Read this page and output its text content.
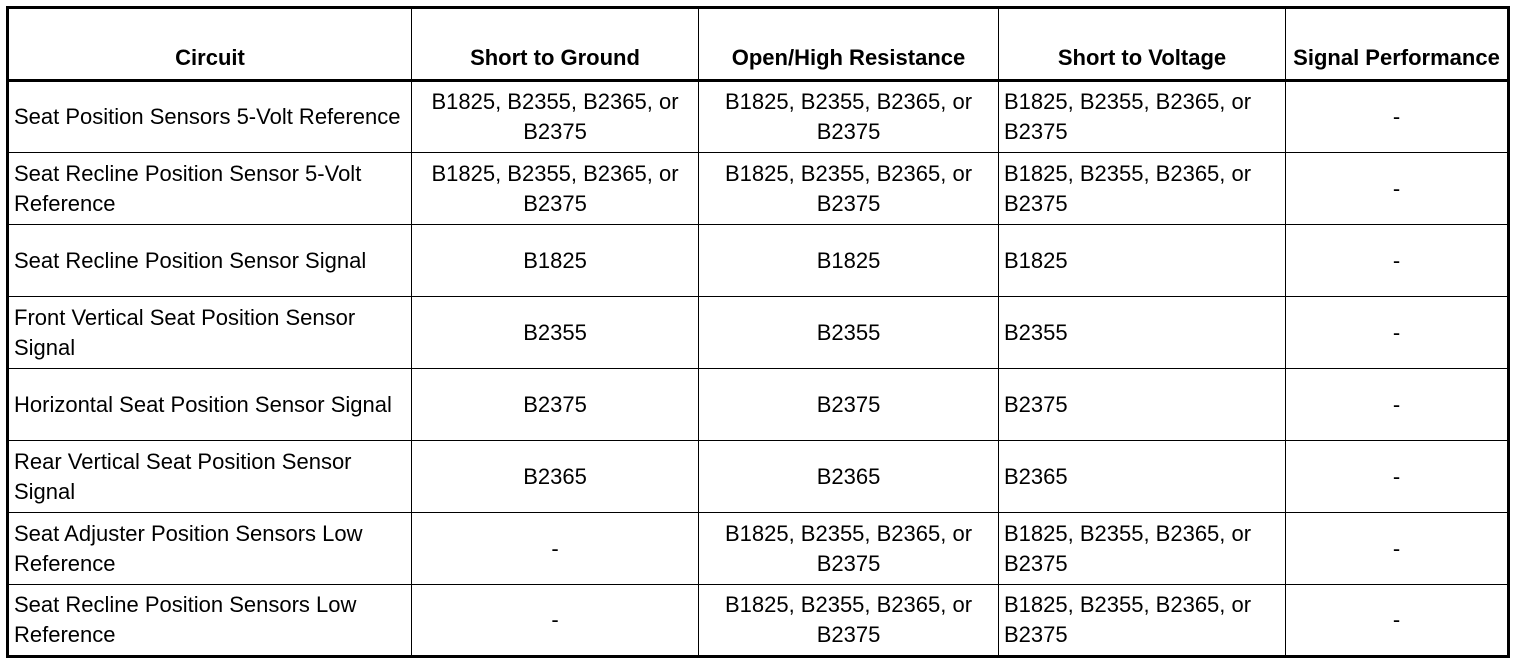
Circuit	Short to Ground	Open/High Resistance	Short to Voltage	Signal Performance
Seat Position Sensors 5-Volt Reference	B1825, B2355, B2365, or B2375	B1825, B2355, B2365, or B2375	B1825, B2355, B2365, or B2375	-
Seat Recline Position Sensor 5-Volt Reference	B1825, B2355, B2365, or B2375	B1825, B2355, B2365, or B2375	B1825, B2355, B2365, or B2375	-
Seat Recline Position Sensor Signal	B1825	B1825	B1825	-
Front Vertical Seat Position Sensor Signal	B2355	B2355	B2355	-
Horizontal Seat Position Sensor Signal	B2375	B2375	B2375	-
Rear Vertical Seat Position Sensor Signal	B2365	B2365	B2365	-
Seat Adjuster Position Sensors Low Reference	-	B1825, B2355, B2365, or B2375	B1825, B2355, B2365, or B2375	-
Seat Recline Position Sensors Low Reference	-	B1825, B2355, B2365, or B2375	B1825, B2355, B2365, or B2375	-
